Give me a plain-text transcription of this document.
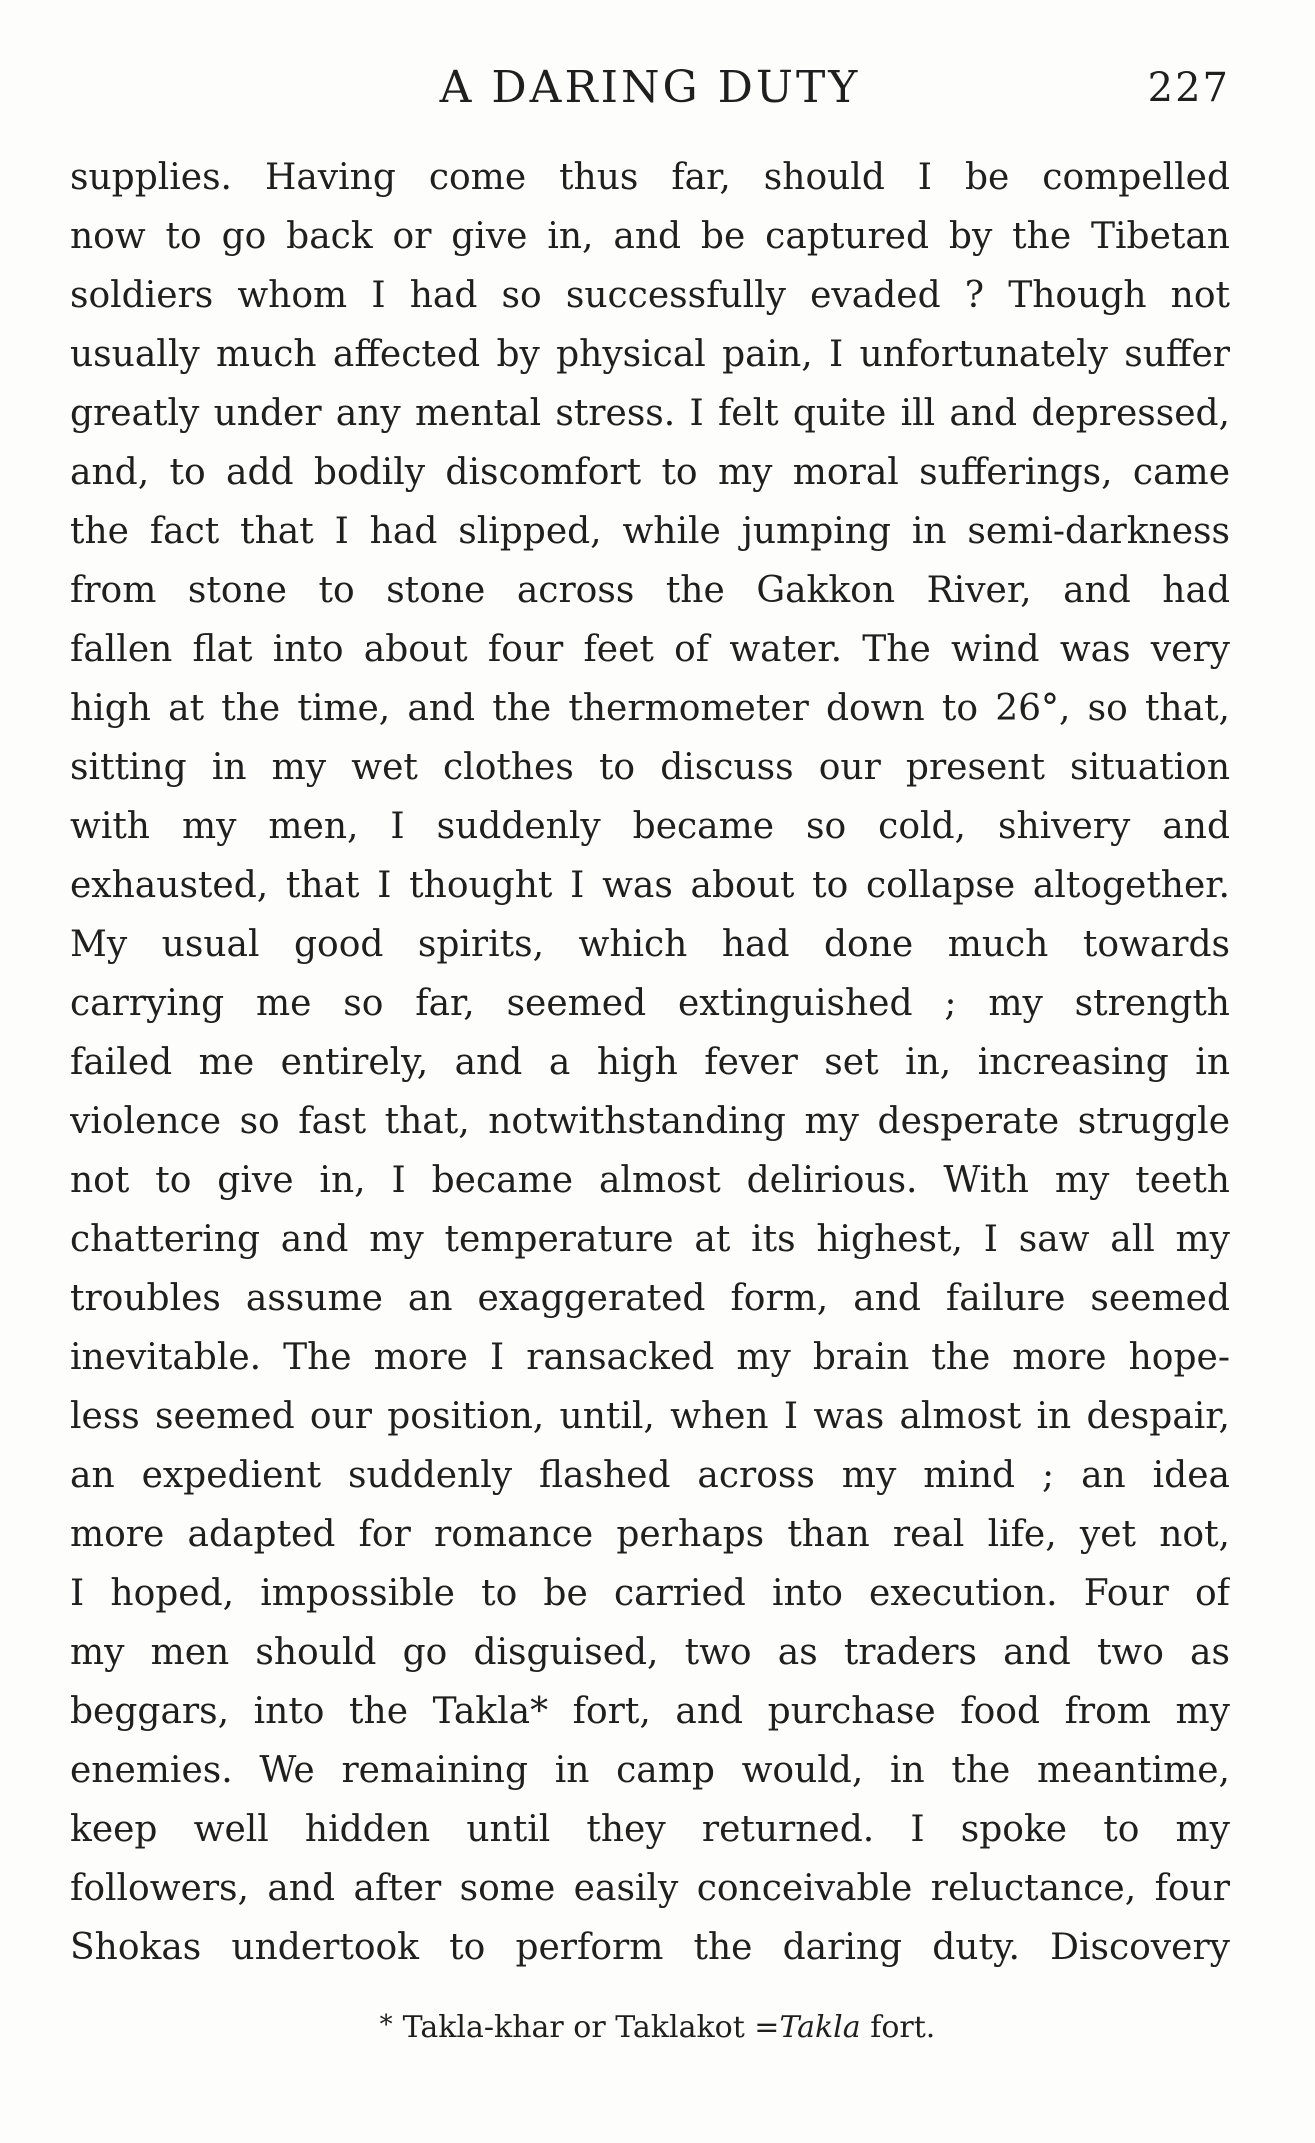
A DARING DUTY	227
supplies. Having come thus far, should I be compelled
now to go back or give in, and be captured by the Tibetan
soldiers whom I had so successfully evaded ? Though not
usually much affected by physical pain, I unfortunately suffer
greatly under any mental stress. I felt quite ill and depressed,
and, to add bodily discomfort to my moral sufferings, came
the fact that I had slipped, while jumping in semi-darkness
from stone to stone across the Gakkon River, and had
fallen flat into about four feet of water. The wind was very
high at the time, and the thermometer down to 26°, so that,
sitting in my wet clothes to discuss our present situation
with my men, I suddenly became so cold, shivery and
exhausted, that I thought I was about to collapse altogether.
My usual good spirits, which had done much towards
carrying me so far, seemed extinguished ; my strength
failed me entirely, and a high fever set in, increasing in
violence so fast that, notwithstanding my desperate struggle
not to give in, I became almost delirious. With my teeth
chattering and my temperature at its highest, I saw all my
troubles assume an exaggerated form, and failure seemed
inevitable. The more I ransacked my brain the more hope-
less seemed our position, until, when I was almost in despair,
an expedient suddenly flashed across my mind ; an idea
more adapted for romance perhaps than real life, yet not,
I hoped, impossible to be carried into execution. Four of
my men should go disguised, two as traders and two as
beggars, into the Takla* fort, and purchase food from my
enemies. We remaining in camp would, in the meantime,
keep well hidden until they returned. I spoke to my
followers, and after some easily conceivable reluctance, four
Shokas undertook to perform the daring duty. Discovery
* Takla-khar or Taklakot =Takla fort.
